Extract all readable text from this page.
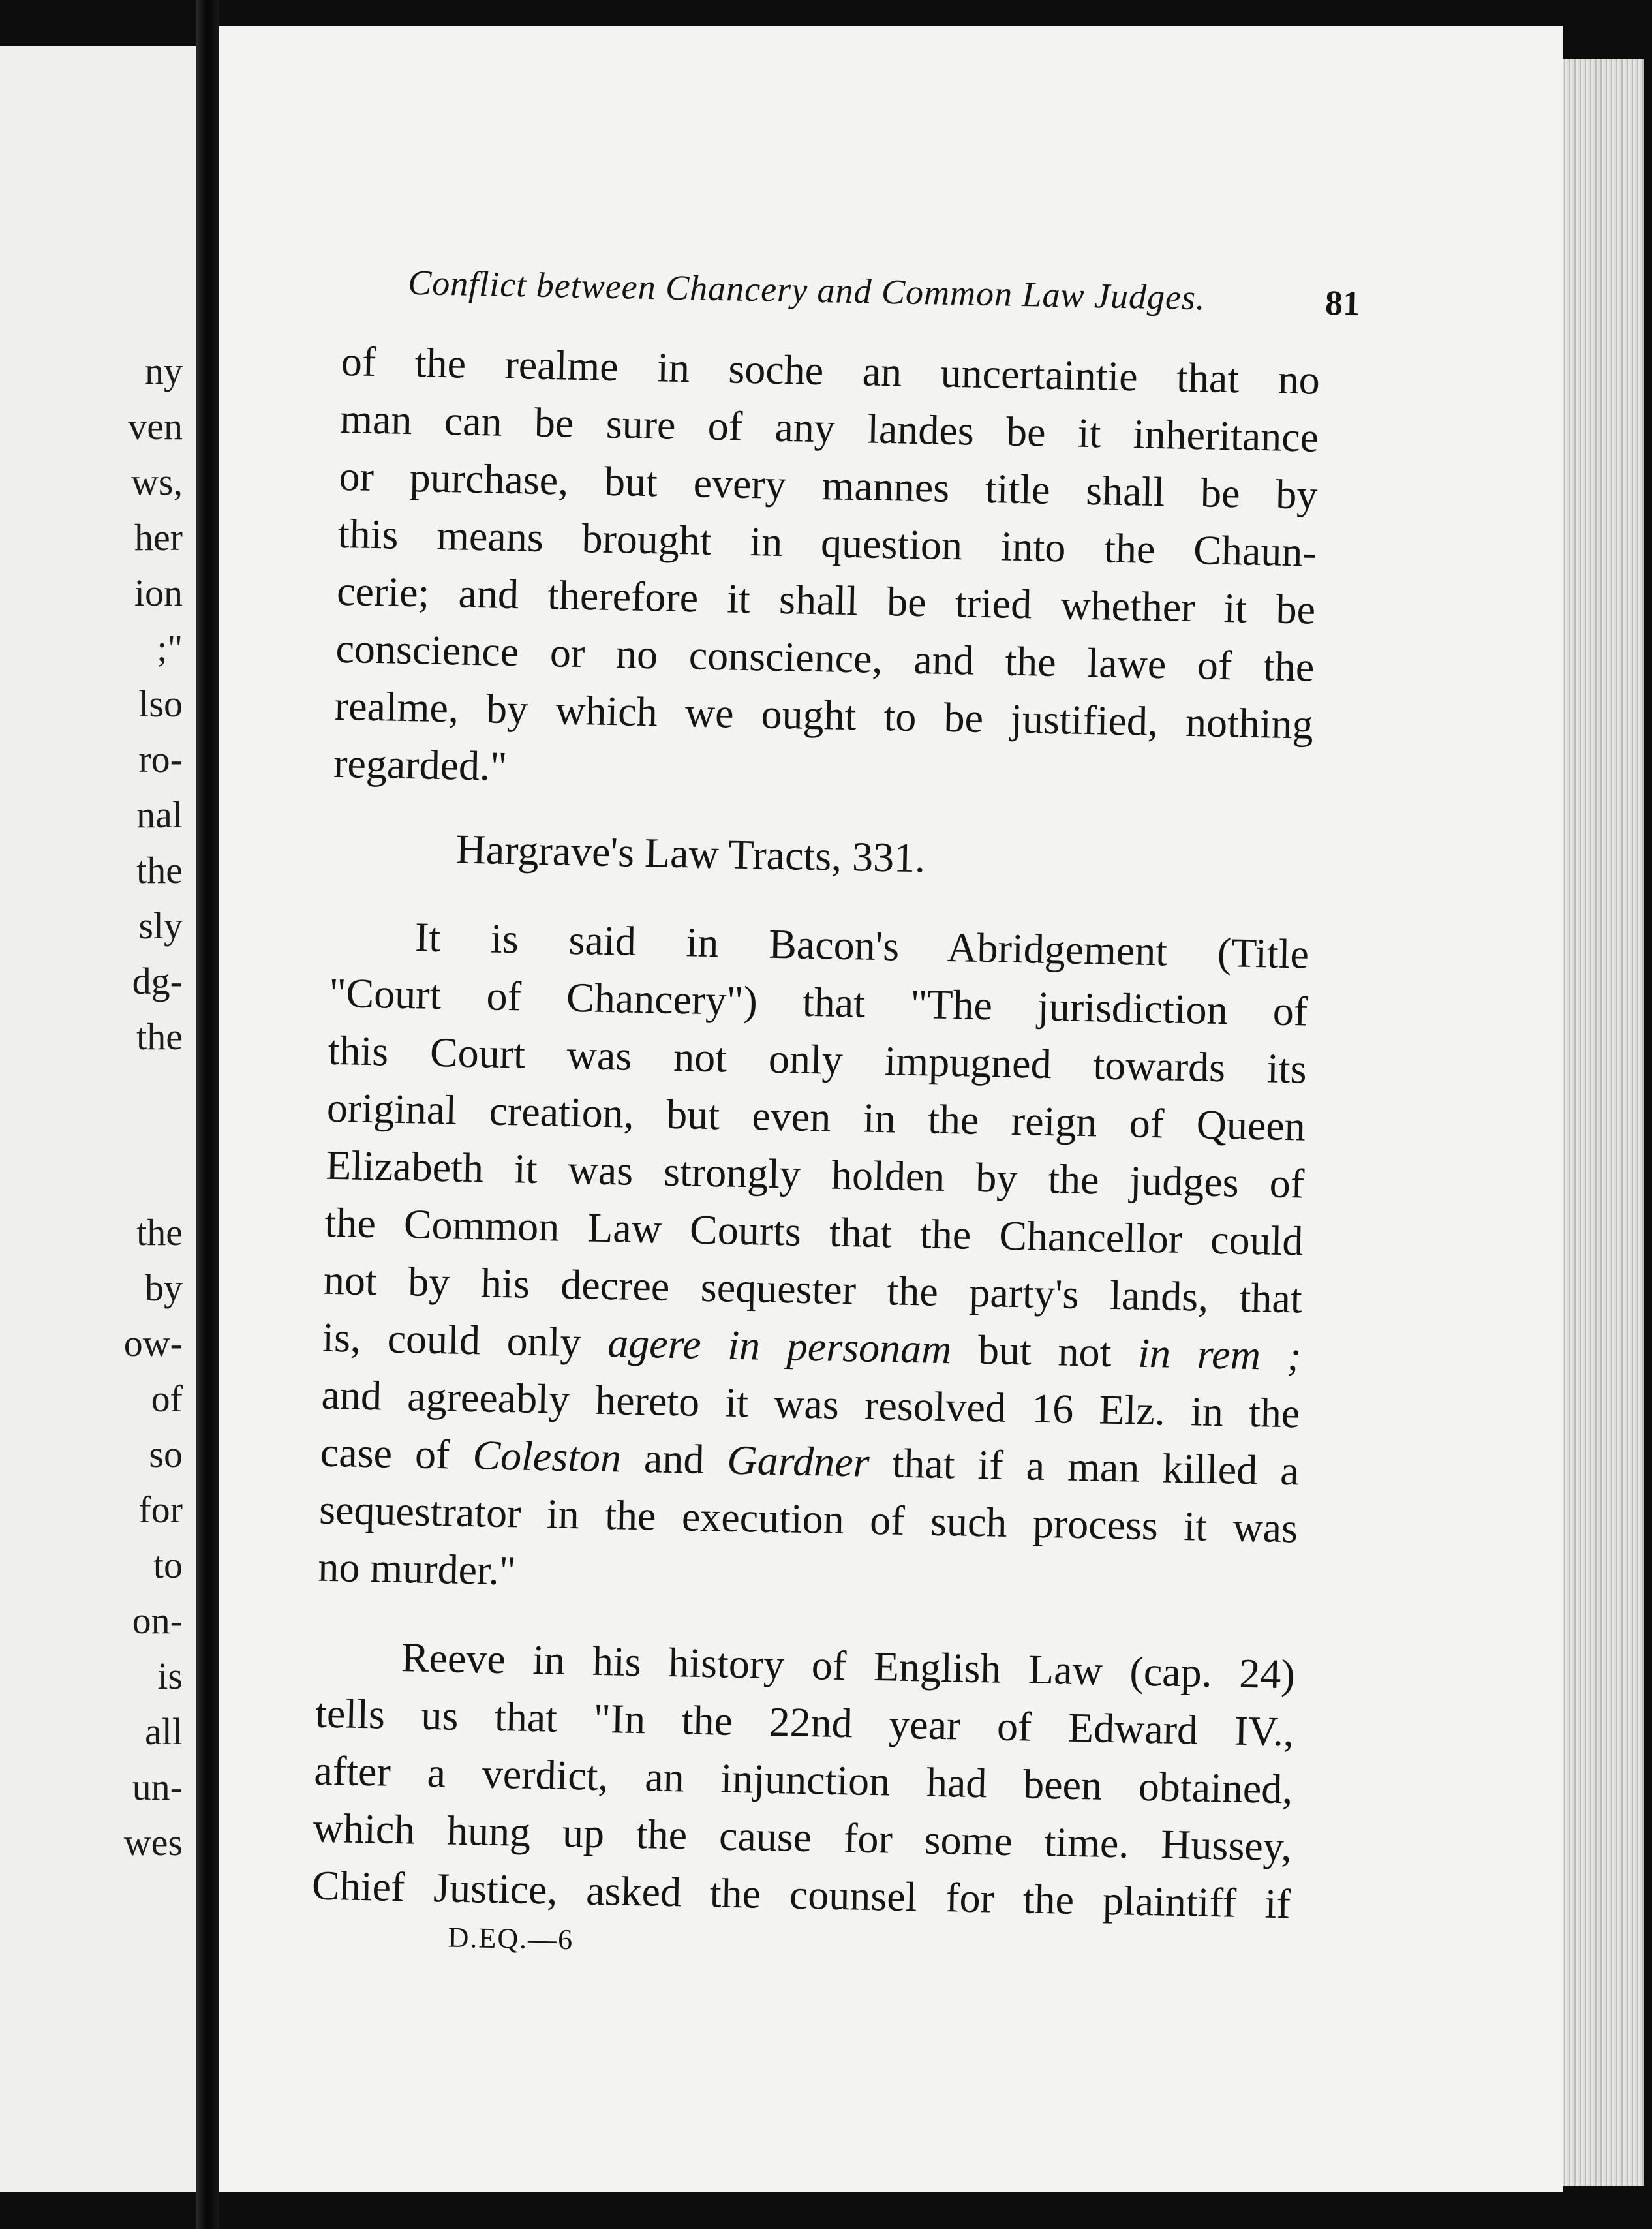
ny
ven
ws,
her
ion
;"
lso
ro-
nal
the
sly
dg-
the
the
by
ow-
of
so
for
to
on-
is
all
un-
wes
Conflict between Chancery and Common Law Judges.	81

of the realme in soche an uncertaintie that no
man can be sure of any landes be it inheritance
or purchase, but every mannes title shall be by
this means brought in question into the Chaun-
cerie; and therefore it shall be tried whether it be
conscience or no conscience, and the lawe of the
realme, by which we ought to be justified, nothing
regarded."

Hargrave's Law Tracts, 331.

It is said in Bacon's Abridgement (Title
"Court of Chancery") that "The jurisdiction of
this Court was not only impugned towards its
original creation, but even in the reign of Queen
Elizabeth it was strongly holden by the judges of
the Common Law Courts that the Chancellor could
not by his decree sequester the party's lands, that
is, could only agere in personam but not in rem ;
and agreeably hereto it was resolved 16 Elz. in the
case of Coleston and Gardner that if a man killed a
sequestrator in the execution of such process it was
no murder."

Reeve in his history of English Law (cap. 24)
tells us that "In the 22nd year of Edward IV.,
after a verdict, an injunction had been obtained,
which hung up the cause for some time. Hussey,
Chief Justice, asked the counsel for the plaintiff if

D.EQ.—6
